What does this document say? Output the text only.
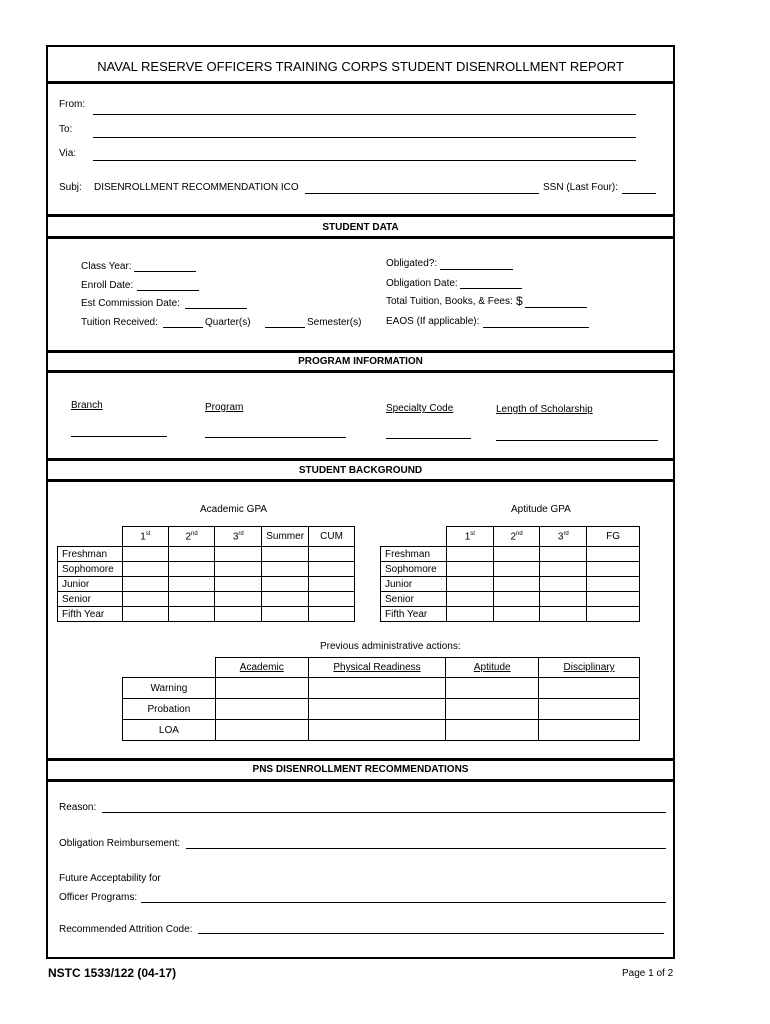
NAVAL RESERVE OFFICERS TRAINING CORPS STUDENT DISENROLLMENT REPORT
From:
To:
Via:
Subj: DISENROLLMENT RECOMMENDATION ICO	SSN (Last Four):
STUDENT DATA
Class Year:
Enroll Date:
Est Commission Date:
Tuition Received:	Quarter(s)	Semester(s)
Obligated?:
Obligation Date:
Total Tuition, Books, & Fees: $
EAOS (If applicable):
PROGRAM INFORMATION
Branch	Program	Specialty Code	Length of Scholarship
STUDENT BACKGROUND
Academic GPA	Aptitude GPA
	1st	2nd	3rd	Summer	CUM
Freshman					
Sophomore					
Junior					
Senior					
Fifth Year					
	1st	2nd	3rd	FG
Freshman				
Sophomore				
Junior				
Senior				
Fifth Year				
Previous administrative actions:
	Academic	Physical Readiness	Aptitude	Disciplinary
Warning				
Probation				
LOA				
PNS DISENROLLMENT RECOMMENDATIONS
Reason:
Obligation Reimbursement:
Future Acceptability for
Officer Programs:
Recommended Attrition Code:
NSTC 1533/122 (04-17)	Page 1 of 2
